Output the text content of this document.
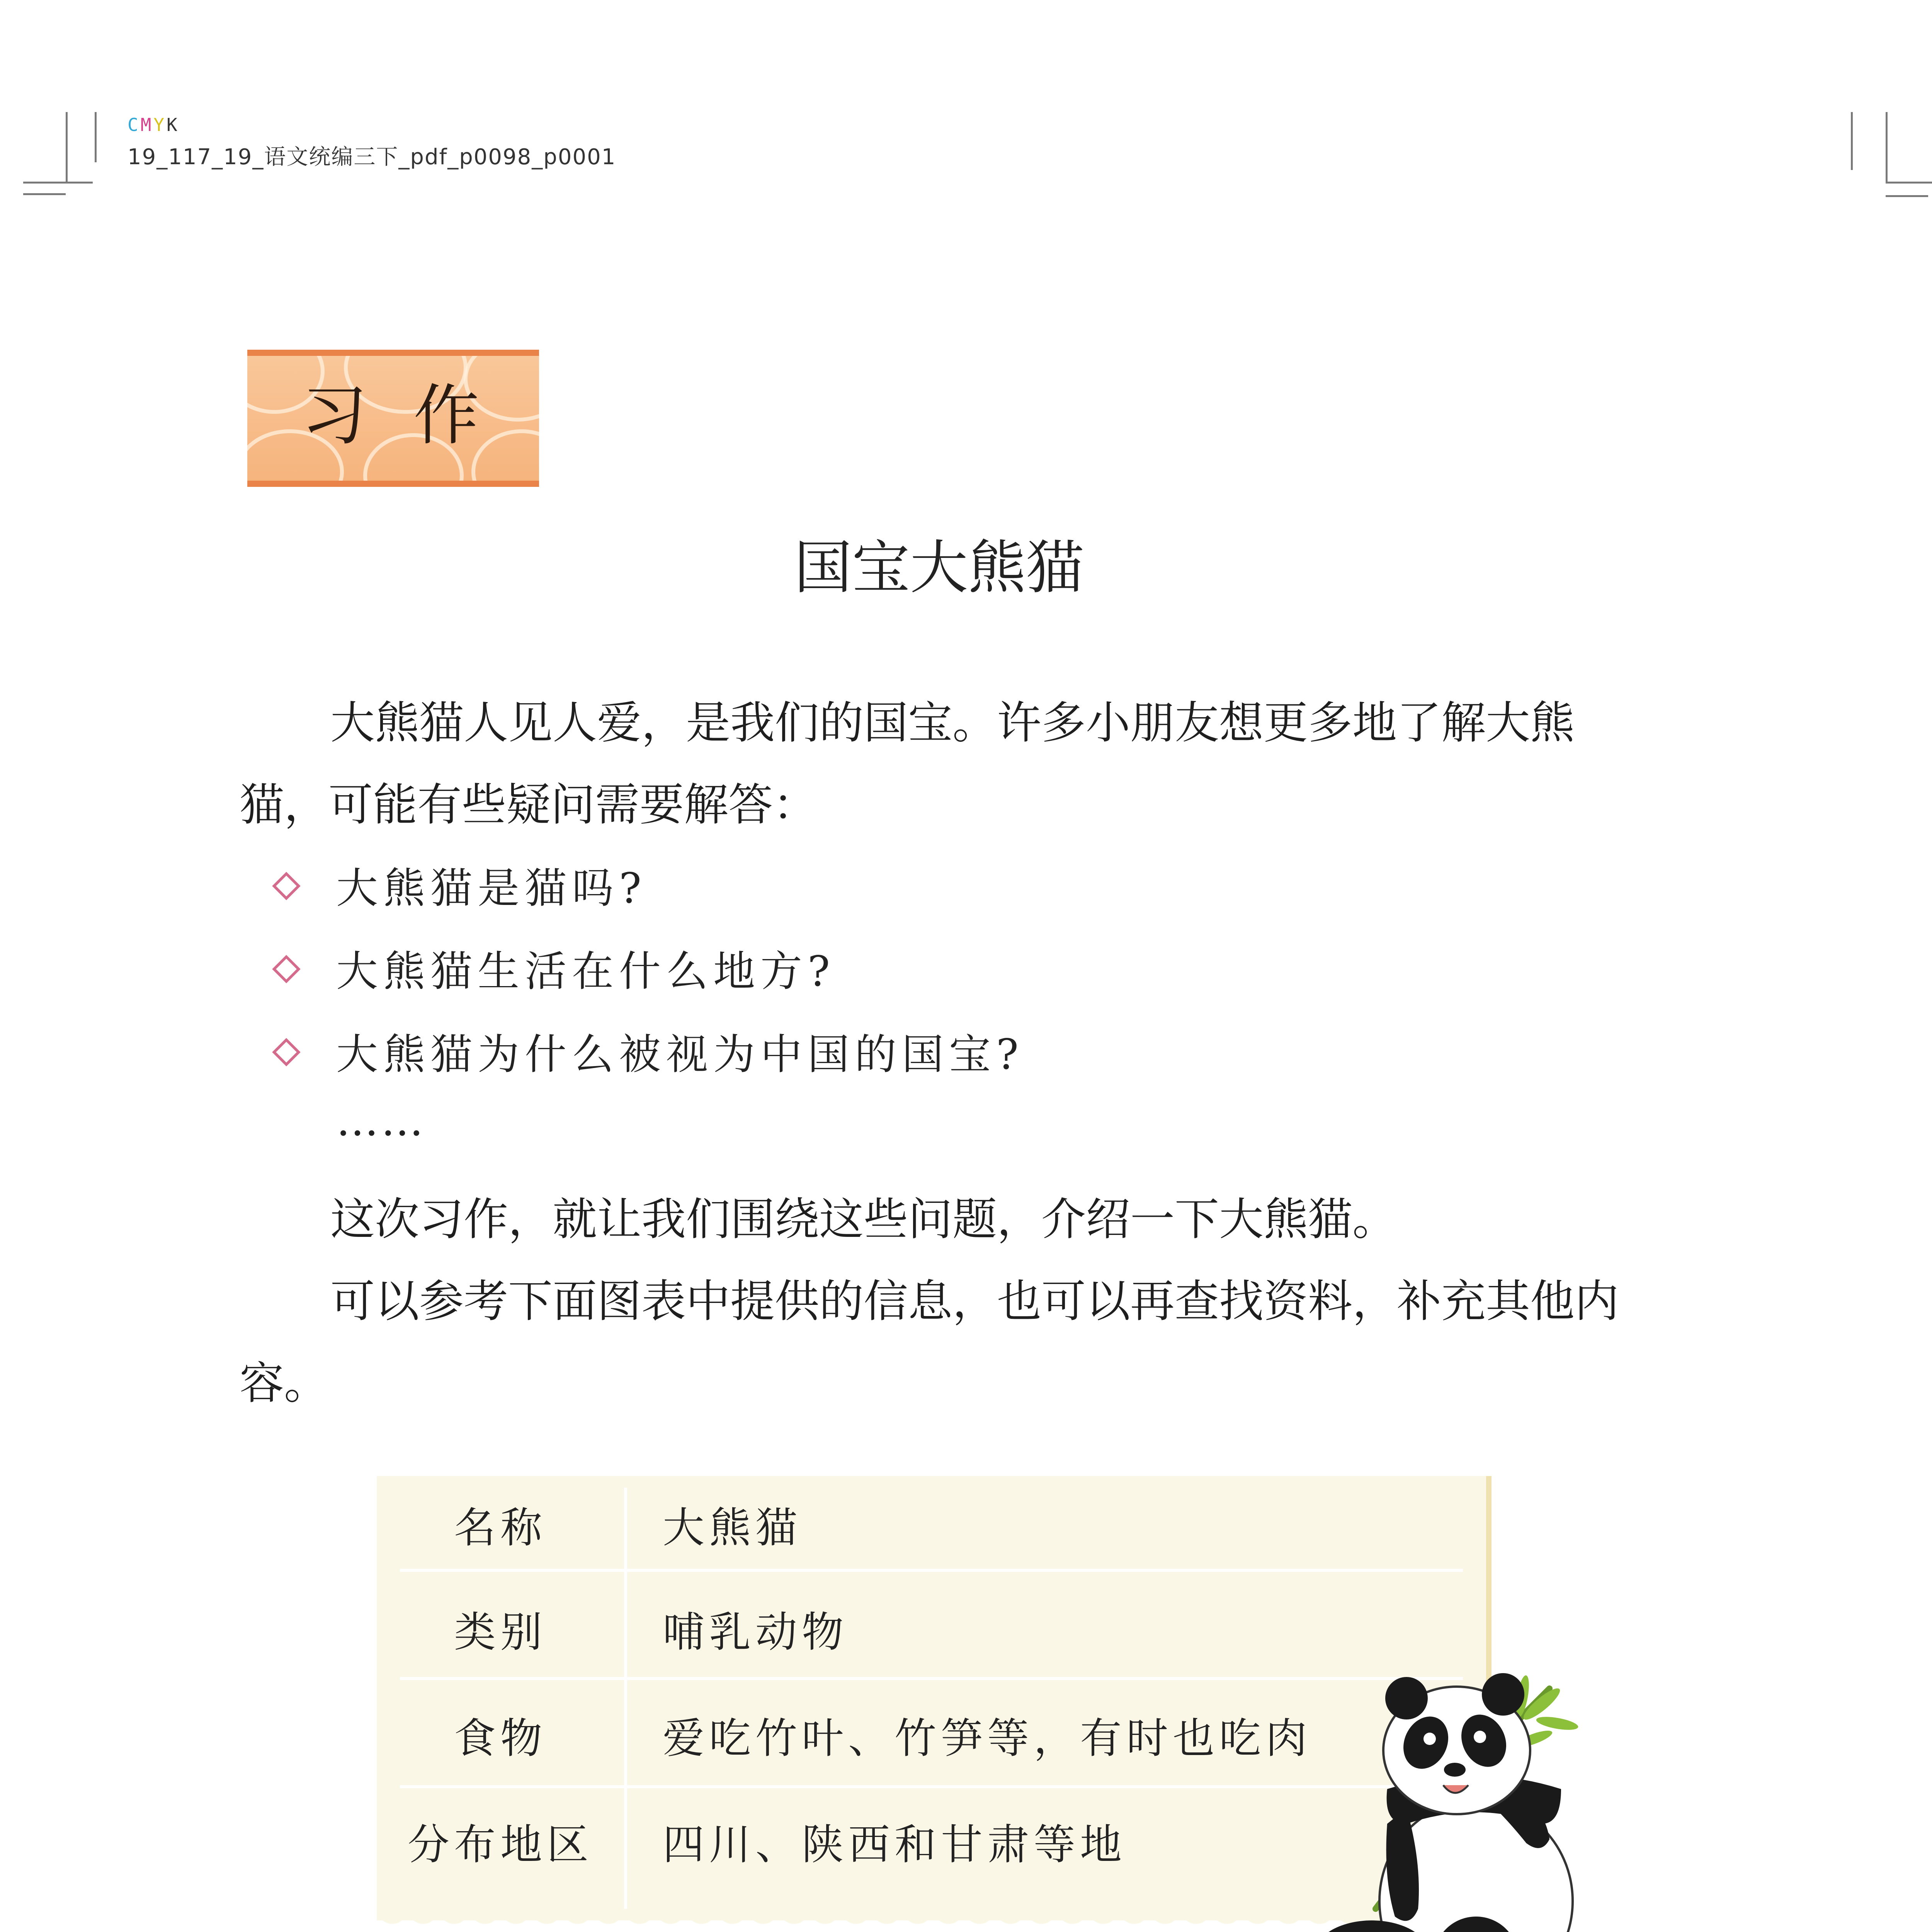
C M Y K
19_117_19_语文统编三下_pdf_p0098_p0001
习作
国宝大熊猫
大熊猫人见人爱，是我们的国宝。许多小朋友想更多地了解大熊猫，可能有些疑问需要解答：
大熊猫是猫吗?
大熊猫生活在什么地方?
大熊猫为什么被视为中国的国宝?
……
这次习作，就让我们围绕这些问题，介绍一下大熊猫。
可以参考下面图表中提供的信息，也可以再查找资料，补充其他内容。
名称	大熊猫
类别	哺乳动物
食物	爱吃竹叶、竹笋等，有时也吃肉
分布地区	四川、陕西和甘肃等地
